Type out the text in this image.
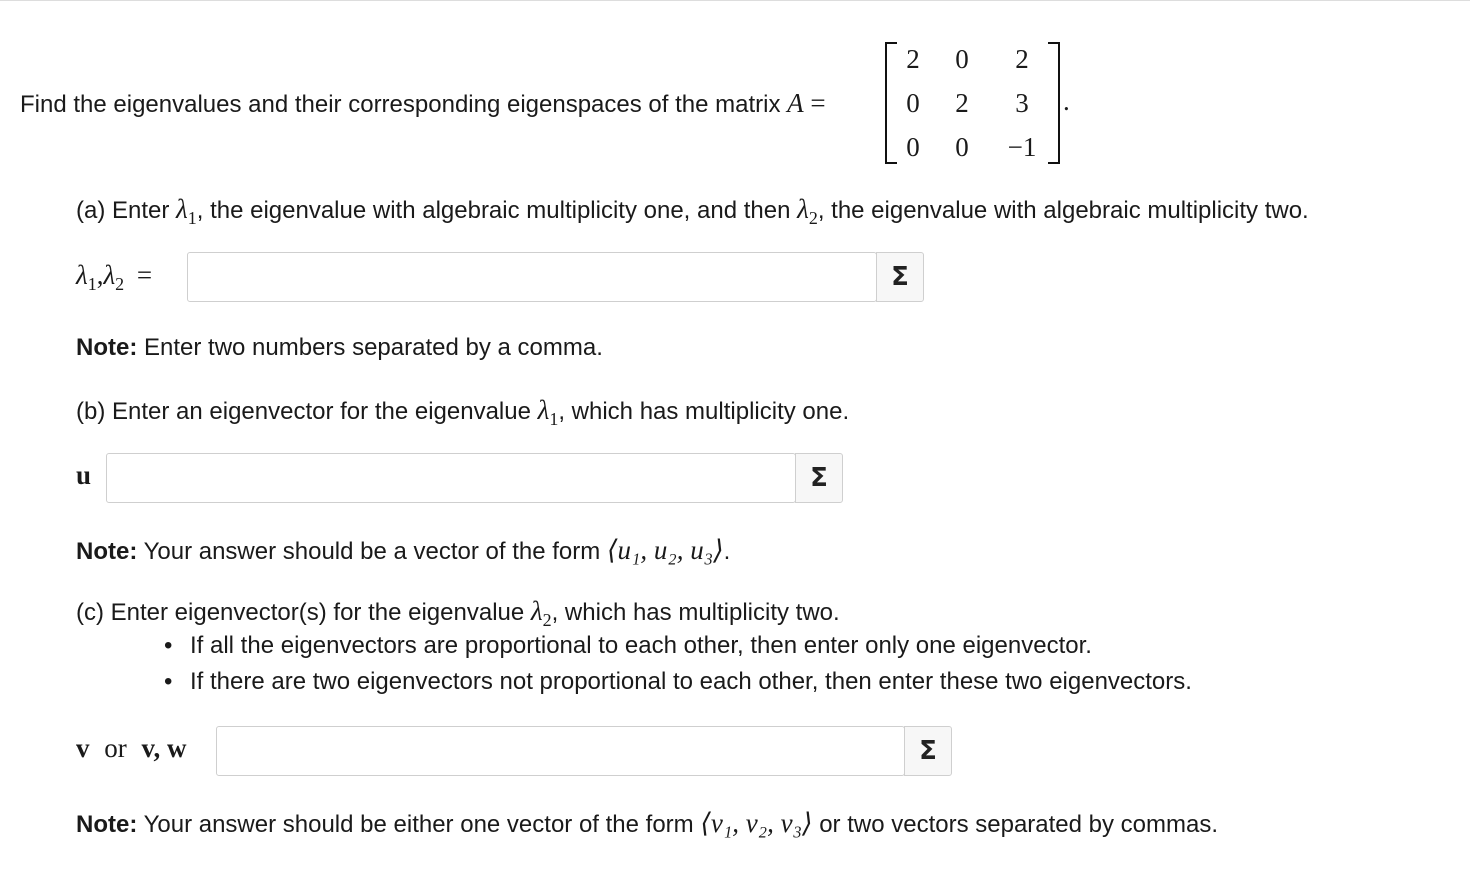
Find the eigenvalues and their corresponding eigenspaces of the matrix A =
2	0	2
0	2	3
0	0	−1
.
(a) Enter $\lambda_1$, the eigenvalue with algebraic multiplicity one, and then $\lambda_2$, the eigenvalue with algebraic multiplicity two.
$\lambda_1,\lambda_2$ =	Σ
Note: Enter two numbers separated by a comma.
(b) Enter an eigenvector for the eigenvalue $\lambda_1$, which has multiplicity one.
u	Σ
Note: Your answer should be a vector of the form ⟨u₁, u₂, u₃⟩.
(c) Enter eigenvector(s) for the eigenvalue $\lambda_2$, which has multiplicity two.
• If all the eigenvectors are proportional to each other, then enter only one eigenvector.
• If there are two eigenvectors not proportional to each other, then enter these two eigenvectors.
v or v, w	Σ
Note: Your answer should be either one vector of the form ⟨v₁, v₂, v₃⟩ or two vectors separated by commas.
